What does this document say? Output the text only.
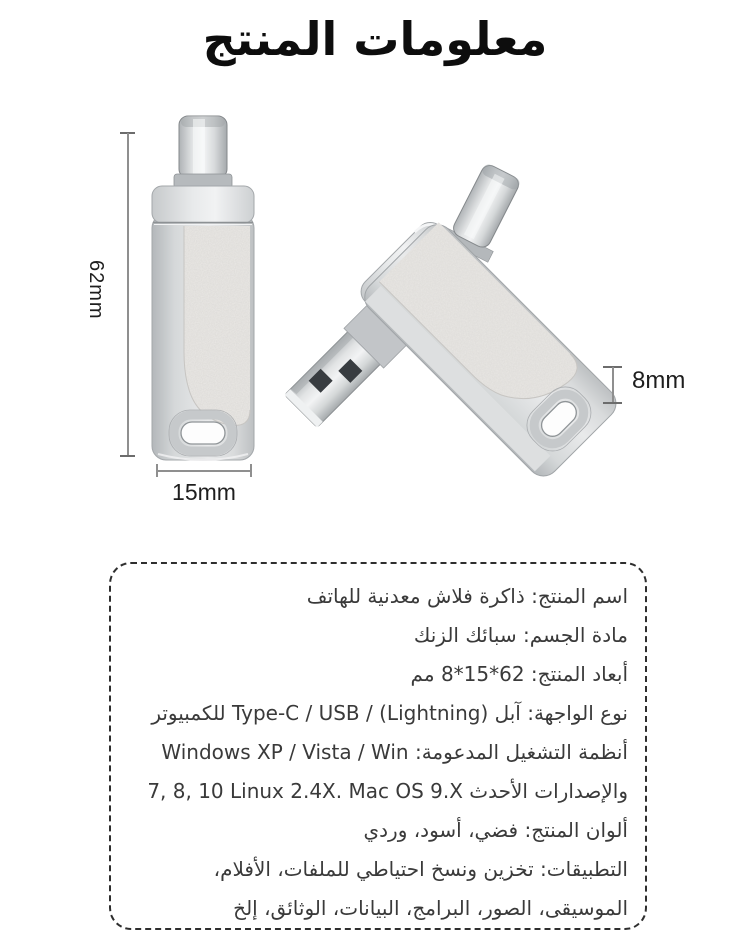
معلومات المنتج
62mm
15mm
8mm
اسم المنتج: ذاكرة فلاش معدنية للهاتف
مادة الجسم: سبائك الزنك
أبعاد المنتج: 62*15*8 مم
نوع الواجهة: آبل (Lightning) / Type-C / USB للكمبيوتر
أنظمة التشغيل المدعومة: Windows XP / Vista / Win
والإصدارات الأحدث 7, 8, 10 Linux 2.4X. Mac OS 9.X
ألوان المنتج: فضي، أسود، وردي
التطبيقات: تخزين ونسخ احتياطي للملفات، الأفلام،
الموسيقى، الصور، البرامج، البيانات، الوثائق، إلخ
